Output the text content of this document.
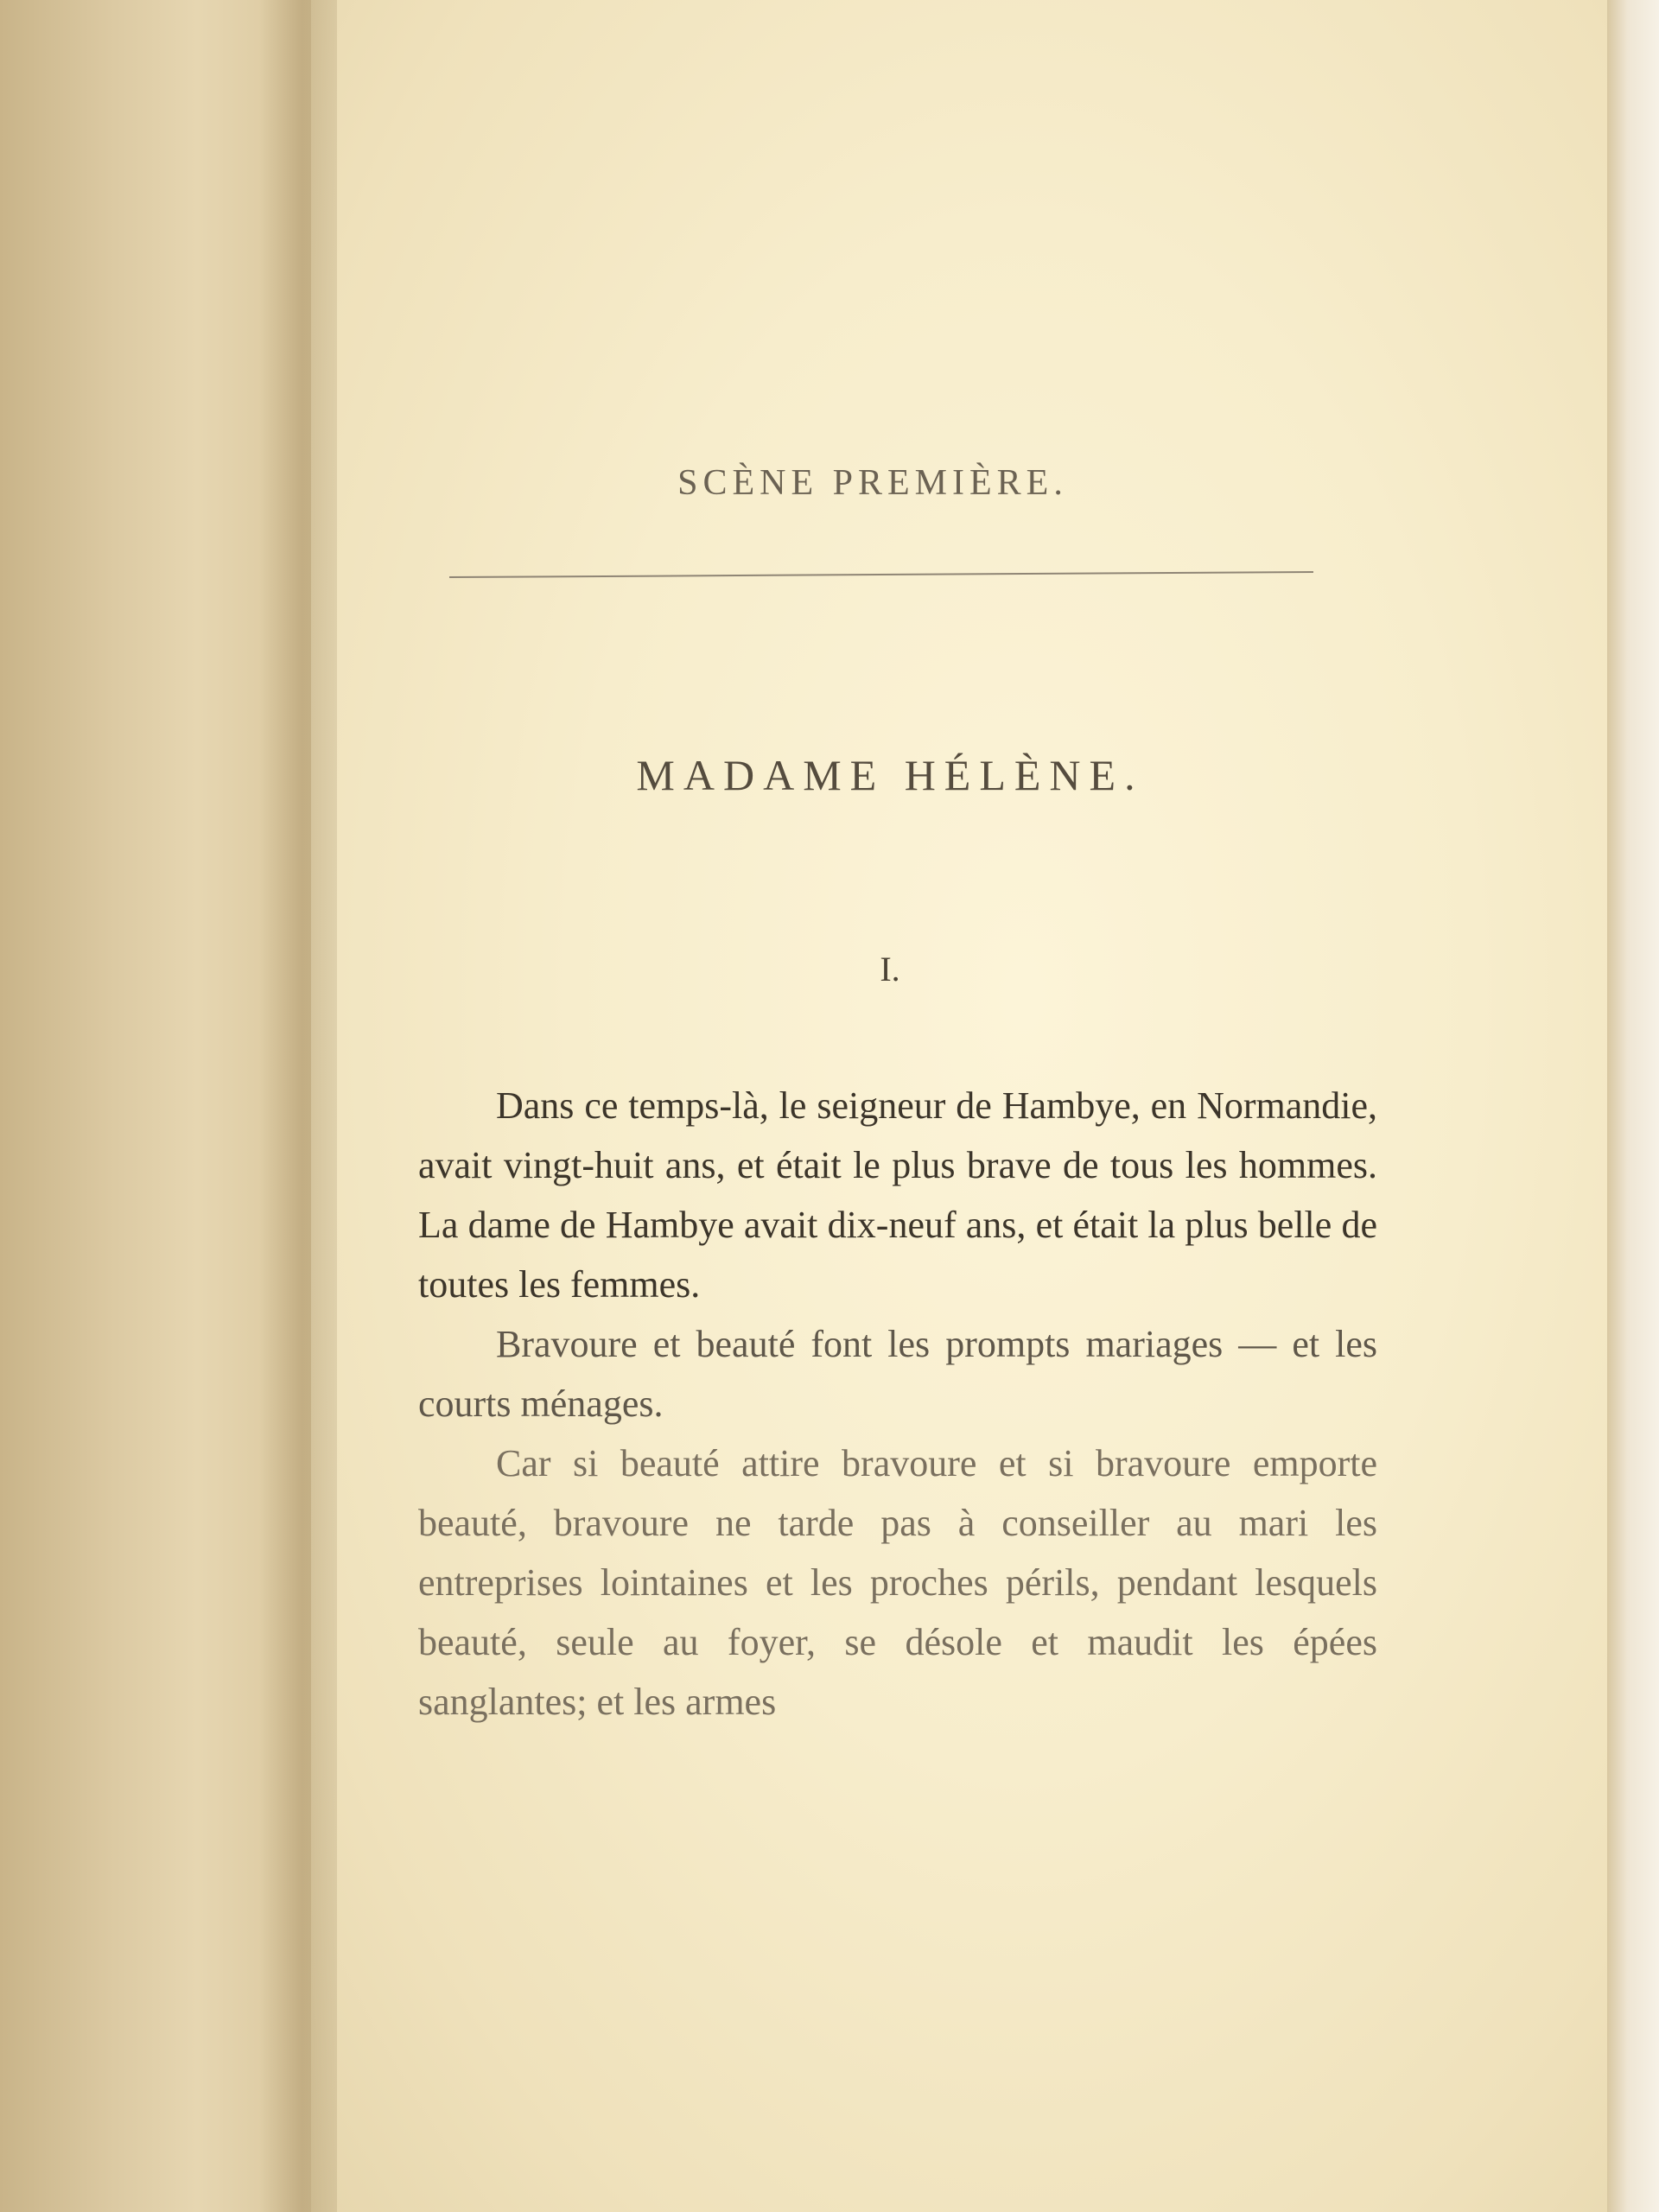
SCÈNE PREMIÈRE.
MADAME HÉLÈNE.
I.

Dans ce temps-là, le seigneur de Hambye, en Normandie, avait vingt-huit ans, et était le plus brave de tous les hommes. La dame de Hambye avait dix-neuf ans, et était la plus belle de toutes les femmes.

Bravoure et beauté font les prompts mariages — et les courts ménages.

Car si beauté attire bravoure et si bravoure emporte beauté, bravoure ne tarde pas à conseiller au mari les entreprises lointaines et les proches périls, pendant lesquels beauté, seule au foyer, se désole et maudit les épées sanglantes; et les armes
